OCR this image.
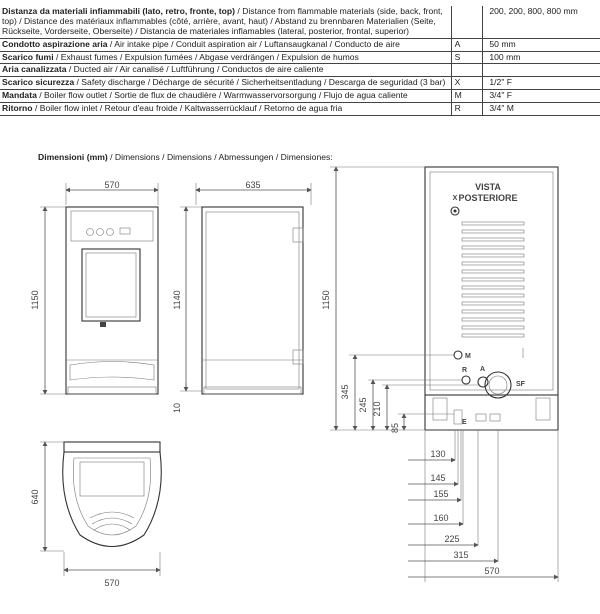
Distanza da materiali infiammabili (lato, retro, fronte, top) / Distance from flammable materials (side, back, front, top) / Distance des matériaux inflammables (côté, arrière, avant, haut) / Abstand zu brennbaren Materialien (Seite, Rückseite, Vorderseite, Oberseite) / Distancia de materiales inflamables (lateral, posterior, frontal, superior)		200, 200, 800, 800 mm
Condotto aspirazione aria / Air intake pipe / Conduit aspiration air / Luftansaugkanal / Conducto de aire	A	50 mm
Scarico fumi / Exhaust fumes / Expulsion fumées / Abgase verdrängen / Expulsion de humos	S	100 mm
Aria canalizzata / Ducted air / Air canalisé / Luftführung / Conductos de aire caliente		
Scarico sicurezza / Safety discharge / Décharge de sécurité / Sicherheitsentladung / Descarga de seguridad (3 bar)	X	1/2" F
Mandata / Boiler flow outlet / Sortie de flux de chaudière / Warmwasservorsorgung / Flujo de agua caliente	M	3/4" F
Ritorno / Boiler flow inlet / Retour d'eau froide / Kaltwasserrücklauf / Retorno de agua fria	R	3/4" M
Dimensioni (mm) / Dimensions / Dimensions / Abmessungen / Dimensiones:
570
1150
635
1140
10
640
570
VISTA
POSTERIORE
X
M
R A
SF
E
1150
345
245 210
85
130
145
155
160
225
315
570
